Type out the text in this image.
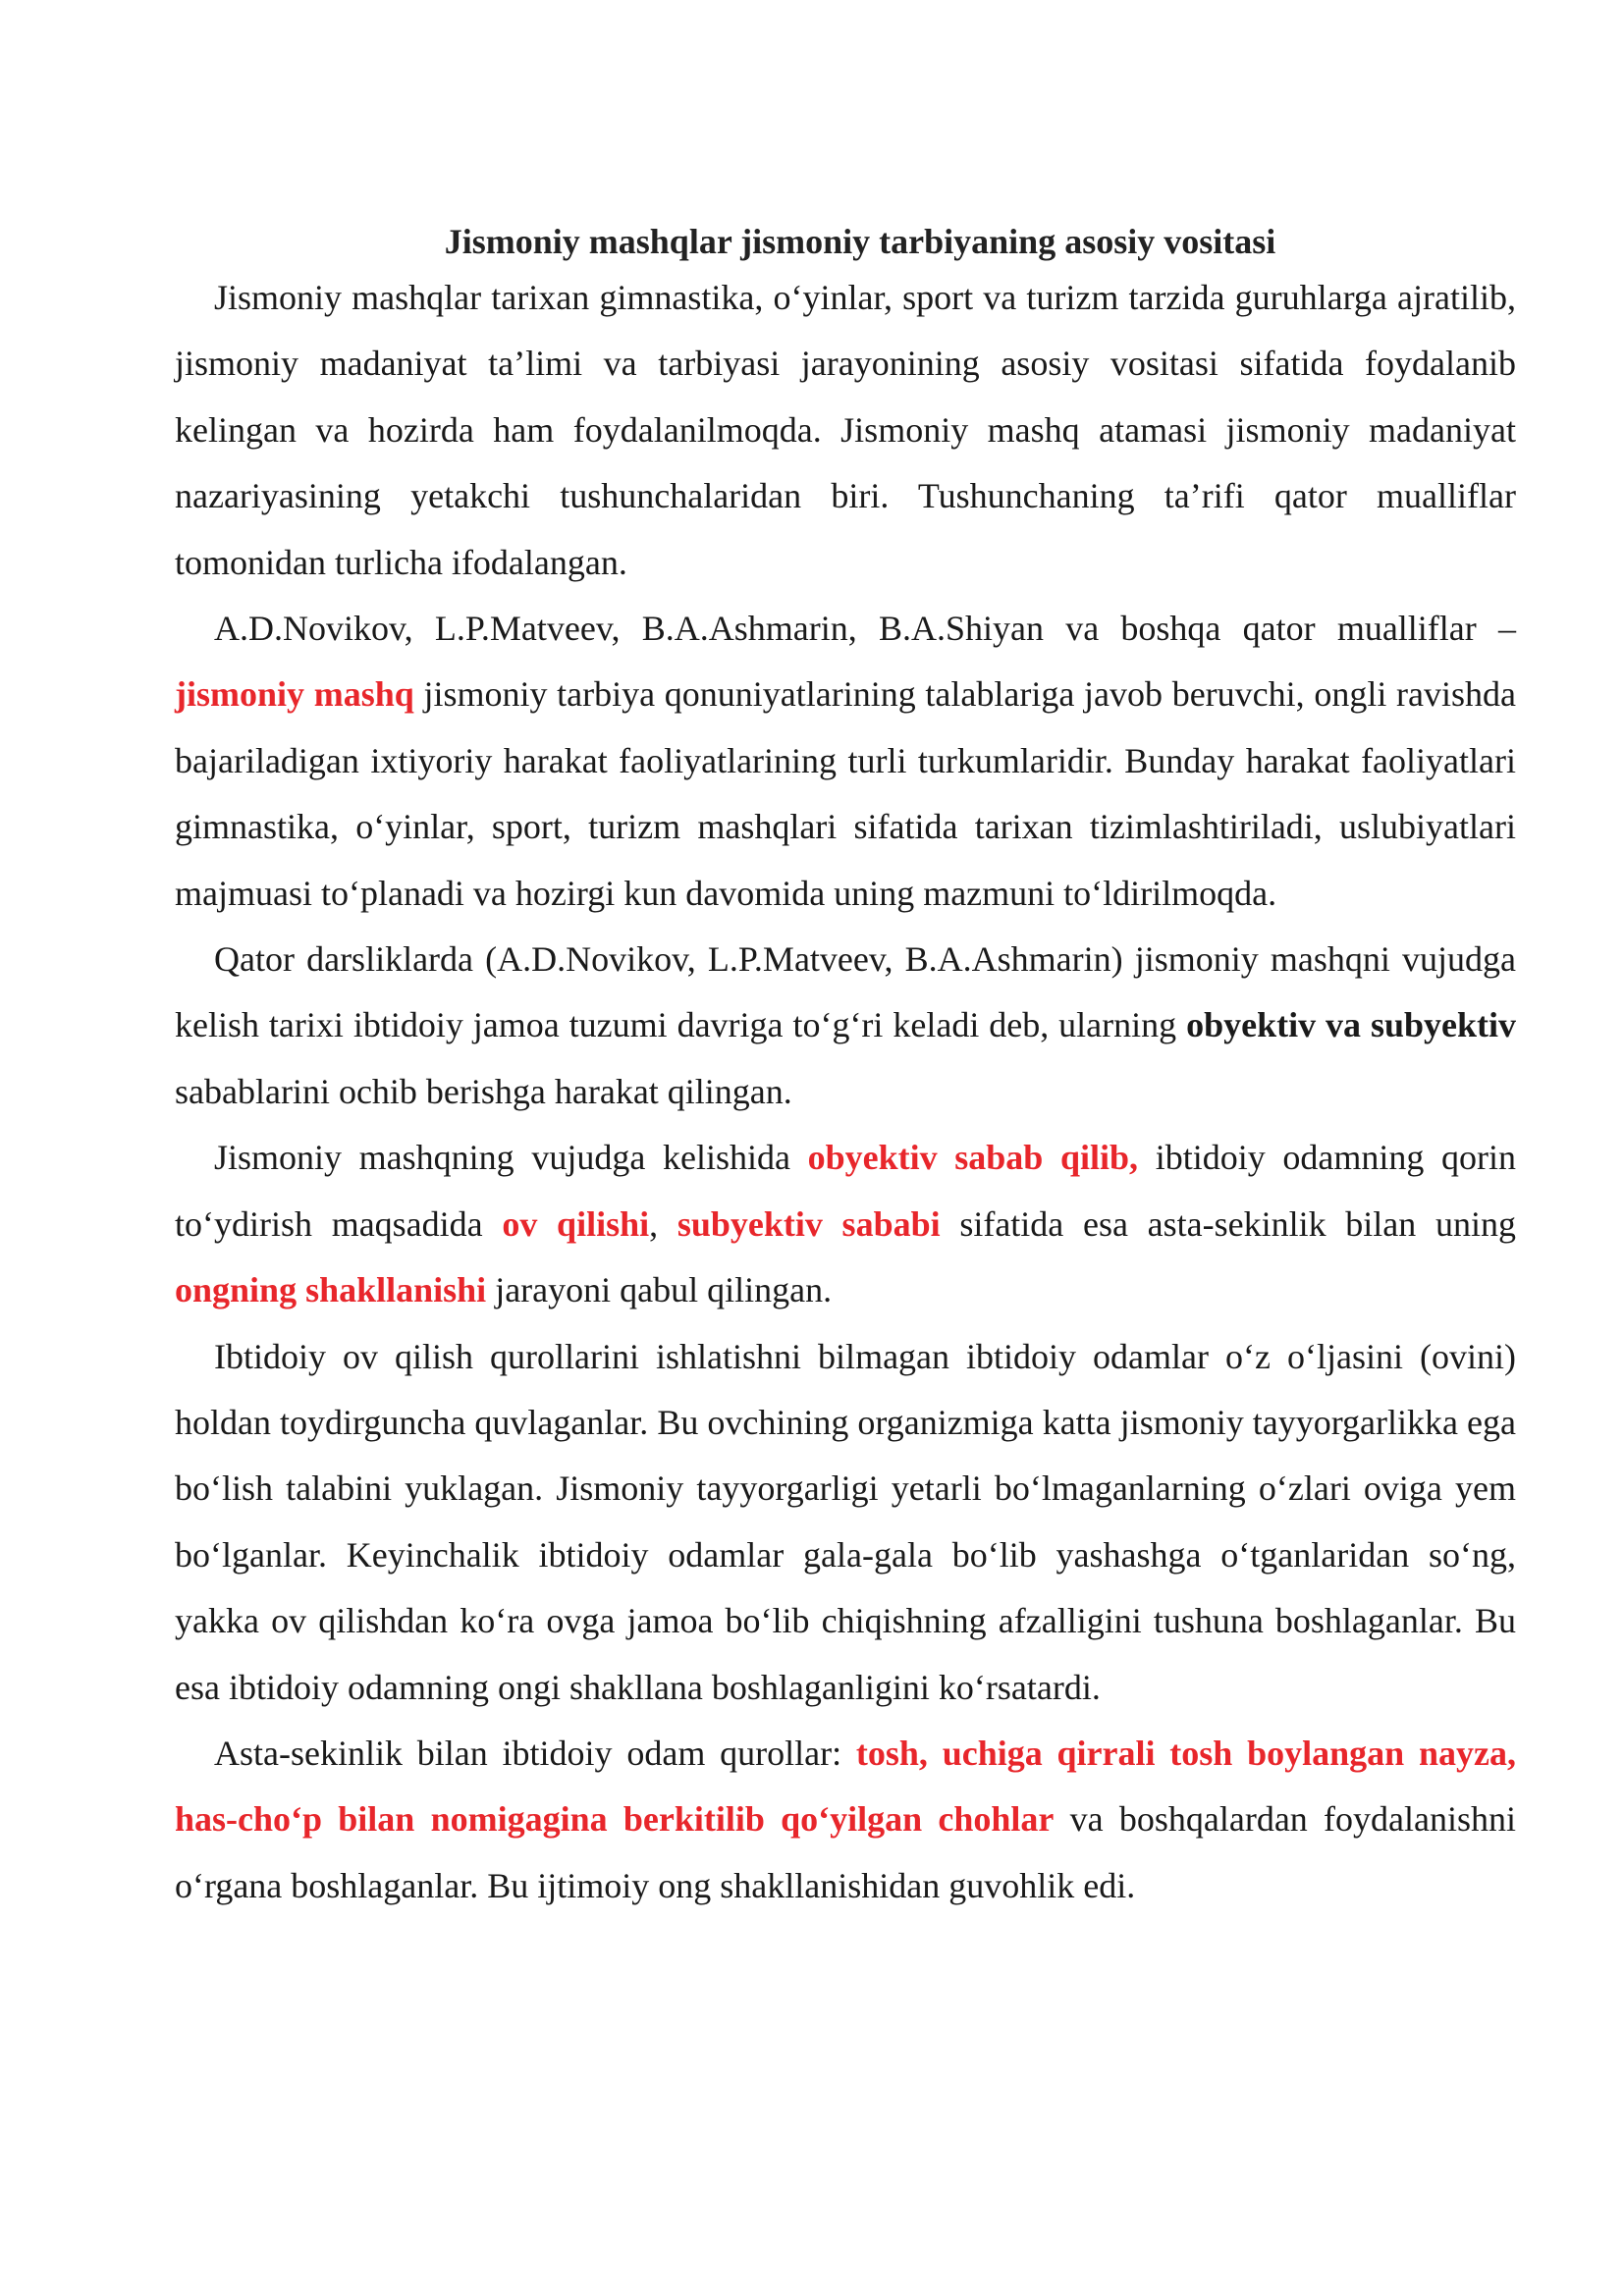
Jismoniy mashqlar jismoniy tarbiyaning asosiy vositasi

Jismoniy mashqlar tarixan gimnastika, o‘yinlar, sport va turizm tarzida guruhlarga ajratilib, jismoniy madaniyat ta’limi va tarbiyasi jarayonining asosiy vositasi sifatida foydalanib kelingan va hozirda ham foydalanilmoqda. Jismoniy mashq atamasi jismoniy madaniyat nazariyasining yetakchi tushunchalaridan biri. Tushunchaning ta’rifi qator mualliflar tomonidan turlicha ifodalangan.

A.D.Novikov, L.P.Matveev, B.A.Ashmarin, B.A.Shiyan va boshqa qator mualliflar – jismoniy mashq jismoniy tarbiya qonuniyatlarining talablariga javob beruvchi, ongli ravishda bajariladigan ixtiyoriy harakat faoliyatlarining turli turkumlaridir. Bunday harakat faoliyatlari gimnastika, o‘yinlar, sport, turizm mashqlari sifatida tarixan tizimlashtiriladi, uslubiyatlari majmuasi to‘planadi va hozirgi kun davomida uning mazmuni to‘ldirilmoqda.

Qator darsliklarda (A.D.Novikov, L.P.Matveev, B.A.Ashmarin) jismoniy mashqni vujudga kelish tarixi ibtidoiy jamoa tuzumi davriga to‘g‘ri keladi deb, ularning obyektiv va subyektiv sabablarini ochib berishga harakat qilingan.

Jismoniy mashqning vujudga kelishida obyektiv sabab qilib, ibtidoiy odamning qorin to‘ydirish maqsadida ov qilishi, subyektiv sababi sifatida esa asta-sekinlik bilan uning ongning shakllanishi jarayoni qabul qilingan.

Ibtidoiy ov qilish qurollarini ishlatishni bilmagan ibtidoiy odamlar o‘z o‘ljasini (ovini) holdan toydirguncha quvlaganlar. Bu ovchining organizmiga katta jismoniy tayyorgarlikka ega bo‘lish talabini yuklagan. Jismoniy tayyorgarligi yetarli bo‘lmaganlarning o‘zlari oviga yem bo‘lganlar. Keyinchalik ibtidoiy odamlar gala-gala bo‘lib yashashga o‘tganlaridan so‘ng, yakka ov qilishdan ko‘ra ovga jamoa bo‘lib chiqishning afzalligini tushuna boshlaganlar. Bu esa ibtidoiy odamning ongi shakllana boshlaganligini ko‘rsatardi.

Asta-sekinlik bilan ibtidoiy odam qurollar: tosh, uchiga qirrali tosh boylangan nayza, has-cho‘p bilan nomigagina berkitilib qo‘yilgan chohlar va boshqalardan foydalanishni o‘rgana boshlaganlar. Bu ijtimoiy ong shakllanishidan guvohlik edi.
